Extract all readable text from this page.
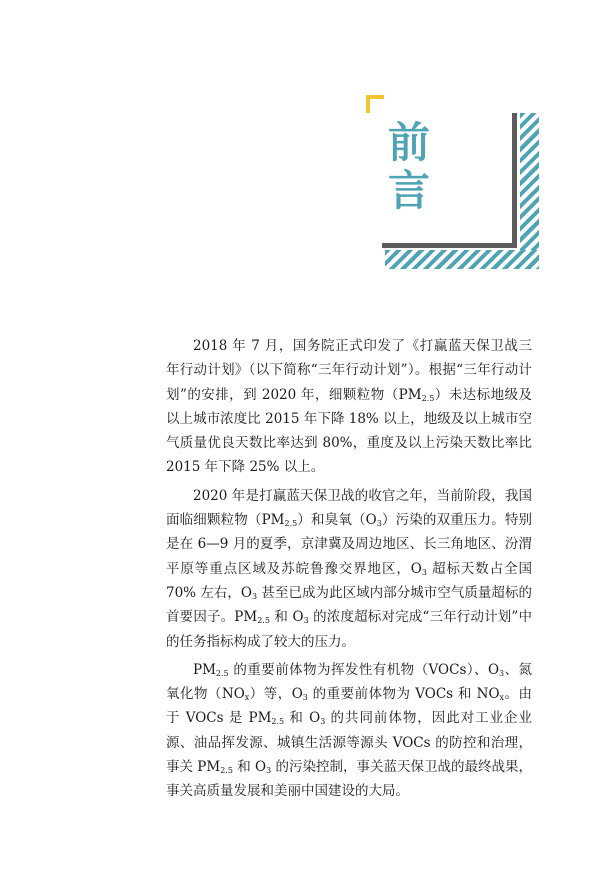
前
言

2018 年 7 月，国务院正式印发了《打赢蓝天保卫战三年行动计划》（以下简称“三年行动计划”）。根据“三年行动计划”的安排，到 2020 年，细颗粒物$(PM_{2.5})$未达标地级及以上城市浓度比 2015 年下降 18% 以上，地级及以上城市空气质量优良天数比率达到 80%，重度及以上污染天数比率比 2015 年下降 25% 以上。

2020 年是打赢蓝天保卫战的收官之年，当前阶段，我国面临细颗粒物$(PM_{2.5})$和臭氧$(O_3)$污染的双重压力。特别是在 6—9 月的夏季，京津冀及周边地区、长三角地区、汾渭平原等重点区域及苏皖鲁豫交界地区，$O_3$ 超标天数占全国 70% 左右，$O_3$ 甚至已成为此区域内部分城市空气质量超标的首要因子。$PM_{2.5}$ 和 $O_3$ 的浓度超标对完成“三年行动计划”中的任务指标构成了较大的压力。

$PM_{2.5}$ 的重要前体物为挥发性有机物（VOCs）、$O_3$、氮氧化物$(NO_x)$等，$O_3$ 的重要前体物为 VOCs 和 $NO_x$。由于 VOCs 是 $PM_{2.5}$ 和 $O_3$ 的共同前体物，因此对工业企业源、油品挥发源、城镇生活源等源头 VOCs 的防控和治理，事关 $PM_{2.5}$ 和 $O_3$ 的污染控制，事关蓝天保卫战的最终战果，事关高质量发展和美丽中国建设的大局。
